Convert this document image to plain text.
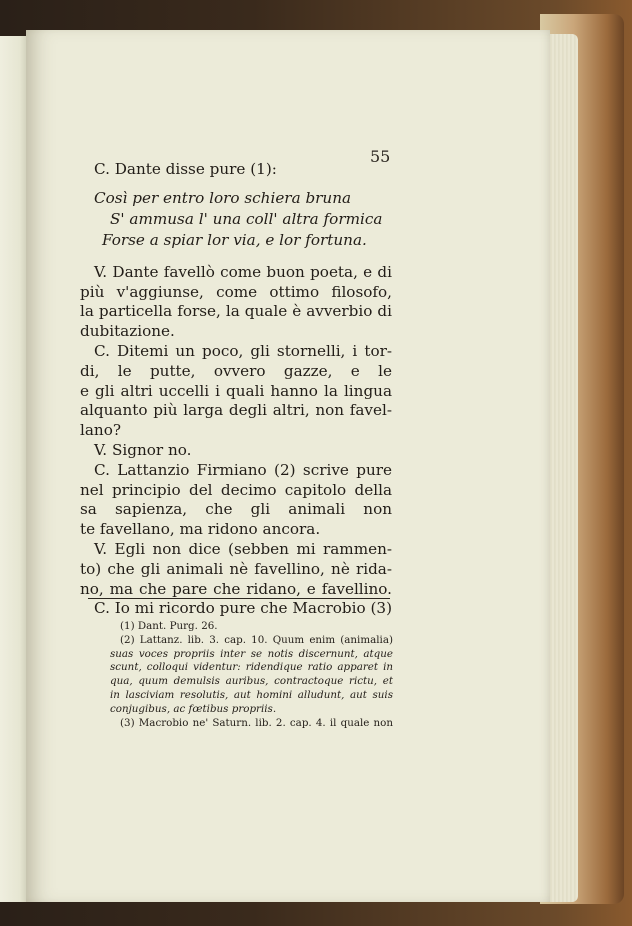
55
C. Dante disse pure (1):
Così per entro loro schiera bruna
S' ammusa l' una coll' altra formica
Forse a spiar lor via, e lor fortuna.
V. Dante favellò come buon poeta, e di
più v'aggiunse, come ottimo filosofo,
la particella forse, la quale è avverbio di
dubitazione.
C. Ditemi un poco, gli stornelli, i tor-
di, le putte, ovvero gazze, e le
e gli altri uccelli i quali hanno la lingua
alquanto più larga degli altri, non favel-
lano?
V. Signor no.
C. Lattanzio Firmiano (2) scrive pure
nel principio del decimo capitolo della
sa sapienza, che gli animali non
te favellano, ma ridono ancora.
V. Egli non dice (sebben mi rammen-
to) che gli animali nè favellino, nè rida-
no, ma che pare che ridano, e favellino.
C. Io mi ricordo pure che Macrobio (3)
(1) Dant. Purg. 26.
(2) Lattanz. lib. 3. cap. 10. Quum enim (animalia)
suas voces propriis inter se notis discernunt, atque
scunt, colloqui videntur: ridendique ratio apparet in
qua, quum demulsis auribus, contractoque rictu, et
in lasciviam resolutis, aut homini alludunt, aut suis
conjugibus, ac fœtibus propriis.
(3) Macrobio ne' Saturn. lib. 2. cap. 4. il quale non
